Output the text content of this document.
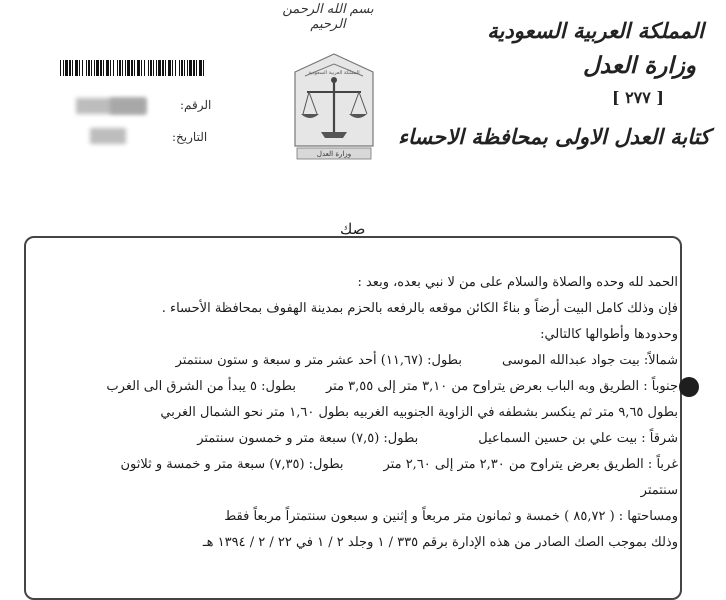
بسم الله الرحمن الرحيم	المملكة العربية السعودية
وزارة العدل
[ ٢٧٧ ]
كتابة العدل الاولى بمحافظة الاحساء
المملكة العربية السعودية
وزارة العدل
الرقم:
التاريخ:
صك
الحمد لله وحده والصلاة والسلام على من لا نبي بعده، وبعد :
فإن وذلك كامل البيت أرضاً و بناءً الكائن موقعه بالرفعه بالحزم بمدينة الهفوف بمحافظة الأحساء .
وحدودها وأطوالها كالتالي:
شمالاً: بيت جواد عبدالله الموسىبطول: (١١,٦٧) أحد عشر متر و سبعة و ستون سنتمتر
جنوباً : الطريق وبه الباب بعرض يتراوح من ٣,١٠ متر إلى ٣,٥٥ متربطول: ٥ يبدأ من الشرق الى الغرب
بطول ٩,٦٥ متر ثم ينكسر بشطفه في الزاوية الجنوبيه الغربيه بطول ١,٦٠ متر نحو الشمال الغربي
شرقاً : بيت علي بن حسين السماعيلبطول: (٧,٥) سبعة متر و خمسون سنتمتر
غرباً : الطريق بعرض يتراوح من ٢,٣٠ متر إلى ٢,٦٠ متربطول: (٧,٣٥) سبعة متر و خمسة و ثلاثون
سنتمتر
ومساحتها : ( ٨٥,٧٢ ) خمسة و ثمانون متر مربعاً و إثنين و سبعون سنتمتراً مربعاً فقط
وذلك بموجب الصك الصادر من هذه الإدارة برقم ٣٣٥ / ١ وجلد ٢ / ١ في ٢٢ / ٢ / ١٣٩٤ هـ
